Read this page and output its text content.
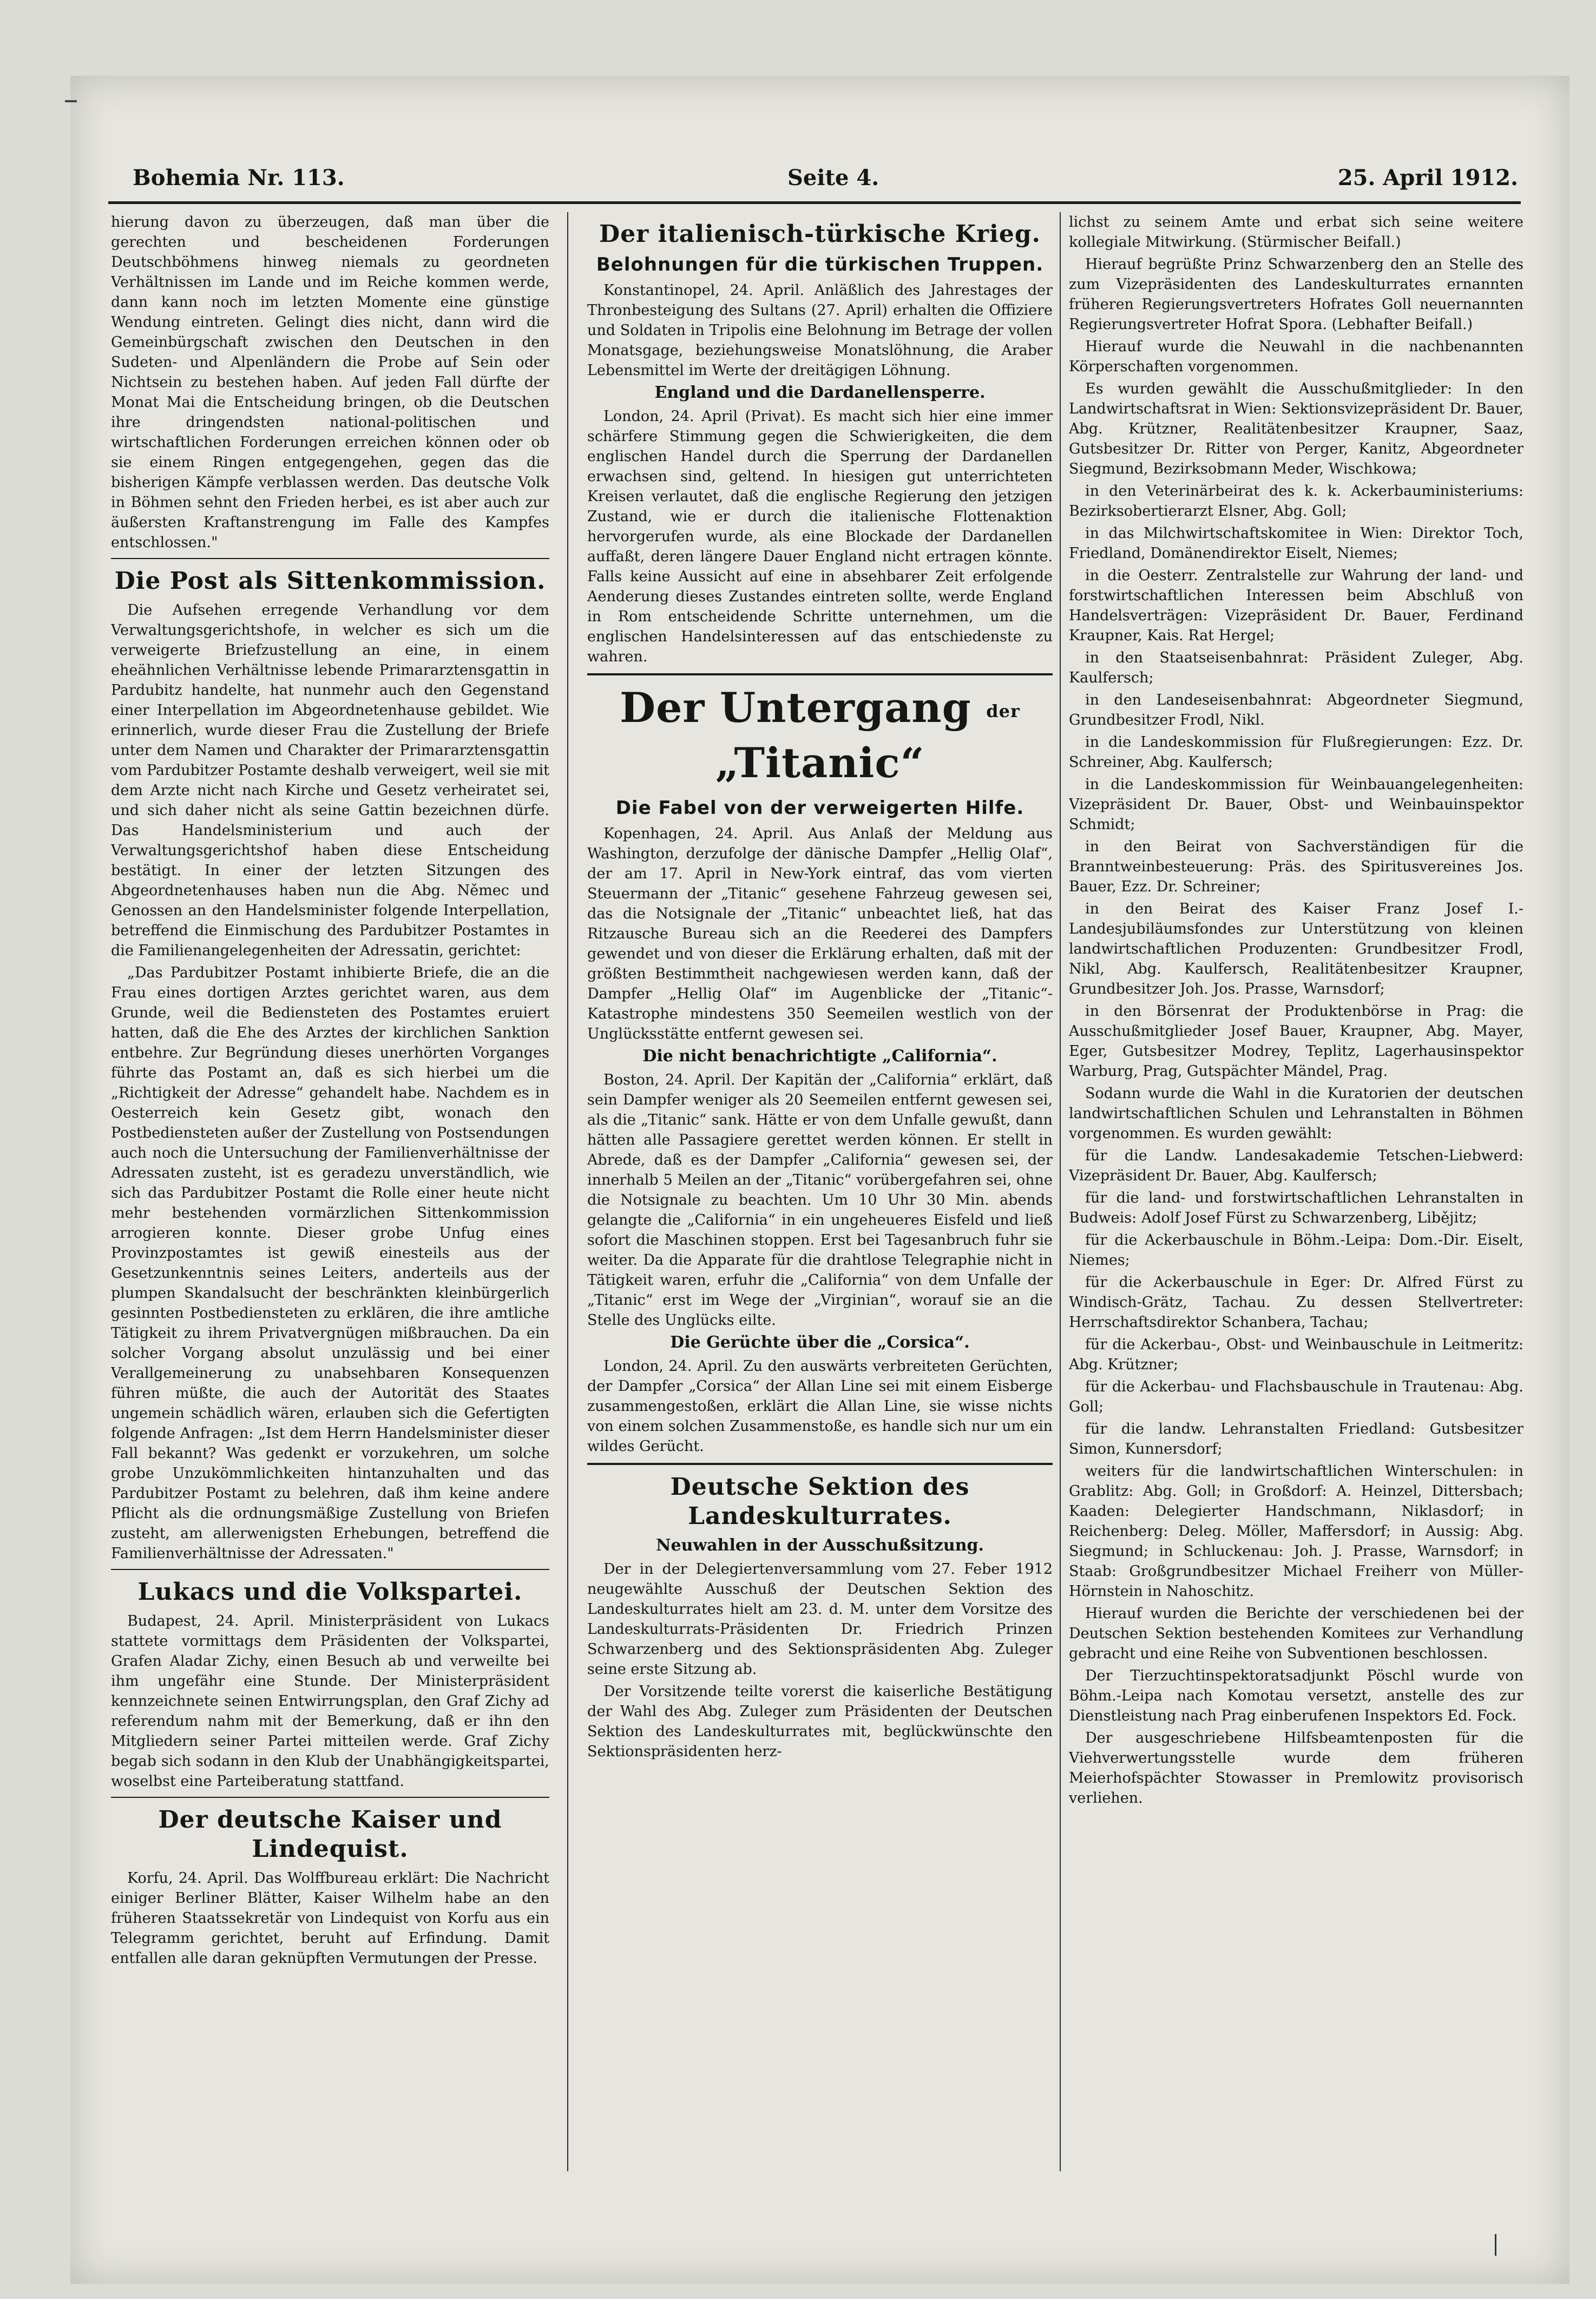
Bohemia Nr. 113.	Seite 4.	25. April 1912.

hierung davon zu überzeugen, daß man über die gerechten und bescheidenen Forderungen Deutschböhmens hinweg niemals zu geordneten Verhältnissen im Lande und im Reiche kommen werde, dann kann noch im letzten Momente eine günstige Wendung eintreten. Gelingt dies nicht, dann wird die Gemeinbürgschaft zwischen den Deutschen in den Sudeten- und Alpenländern die Probe auf Sein oder Nichtsein zu bestehen haben. Auf jeden Fall dürfte der Monat Mai die Entscheidung bringen, ob die Deutschen ihre dringendsten national-politischen und wirtschaftlichen Forderungen erreichen können oder ob sie einem Ringen entgegengehen, gegen das die bisherigen Kämpfe verblassen werden. Das deutsche Volk in Böhmen sehnt den Frieden herbei, es ist aber auch zur äußersten Kraftanstrengung im Falle des Kampfes entschlossen."

Die Post als Sittenkommission.

Die Aufsehen erregende Verhandlung vor dem Verwaltungsgerichtshofe, in welcher es sich um die verweigerte Briefzustellung an eine, in einem eheähnlichen Verhältnisse lebende Primararztensgattin in Pardubitz handelte, hat nunmehr auch den Gegenstand einer Interpellation im Abgeordnetenhause gebildet. Wie erinnerlich, wurde dieser Frau die Zustellung der Briefe unter dem Namen und Charakter der Primararztensgattin vom Pardubitzer Postamte deshalb verweigert, weil sie mit dem Arzte nicht nach Kirche und Gesetz verheiratet sei, und sich daher nicht als seine Gattin bezeichnen dürfe. Das Handelsministerium und auch der Verwaltungsgerichtshof haben diese Entscheidung bestätigt. In einer der letzten Sitzungen des Abgeordnetenhauses haben nun die Abg. Němec und Genossen an den Handelsminister folgende Interpellation, betreffend die Einmischung des Pardubitzer Postamtes in die Familienangelegenheiten der Adressatin, gerichtet:

„Das Pardubitzer Postamt inhibierte Briefe, die an die Frau eines dortigen Arztes gerichtet waren, aus dem Grunde, weil die Bediensteten des Postamtes eruiert hatten, daß die Ehe des Arztes der kirchlichen Sanktion entbehre. Zur Begründung dieses unerhörten Vorganges führte das Postamt an, daß es sich hierbei um die „Richtigkeit der Adresse“ gehandelt habe. Nachdem es in Oesterreich kein Gesetz gibt, wonach den Postbediensteten außer der Zustellung von Postsendungen auch noch die Untersuchung der Familienverhältnisse der Adressaten zusteht, ist es geradezu unverständlich, wie sich das Pardubitzer Postamt die Rolle einer heute nicht mehr bestehenden vormärzlichen Sittenkommission arrogieren konnte. Dieser grobe Unfug eines Provinzpostamtes ist gewiß einesteils aus der Gesetzunkenntnis seines Leiters, anderteils aus der plumpen Skandalsucht der beschränkten kleinbürgerlich gesinnten Postbediensteten zu erklären, die ihre amtliche Tätigkeit zu ihrem Privatvergnügen mißbrauchen. Da ein solcher Vorgang absolut unzulässig und bei einer Verallgemeinerung zu unabsehbaren Konsequenzen führen müßte, die auch der Autorität des Staates ungemein schädlich wären, erlauben sich die Gefertigten folgende Anfragen: „Ist dem Herrn Handelsminister dieser Fall bekannt? Was gedenkt er vorzukehren, um solche grobe Unzukömmlichkeiten hintanzuhalten und das Pardubitzer Postamt zu belehren, daß ihm keine andere Pflicht als die ordnungsmäßige Zustellung von Briefen zusteht, am allerwenigsten Erhebungen, betreffend die Familienverhältnisse der Adressaten."

Lukacs und die Volkspartei.

Budapest, 24. April. Ministerpräsident von Lukacs stattete vormittags dem Präsidenten der Volkspartei, Grafen Aladar Zichy, einen Besuch ab und verweilte bei ihm ungefähr eine Stunde. Der Ministerpräsident kennzeichnete seinen Entwirrungsplan, den Graf Zichy ad referendum nahm mit der Bemerkung, daß er ihn den Mitgliedern seiner Partei mitteilen werde. Graf Zichy begab sich sodann in den Klub der Unabhängigkeitspartei, woselbst eine Parteiberatung stattfand.

Der deutsche Kaiser und Lindequist.

Korfu, 24. April. Das Wolffbureau erklärt: Die Nachricht einiger Berliner Blätter, Kaiser Wilhelm habe an den früheren Staatssekretär von Lindequist von Korfu aus ein Telegramm gerichtet, beruht auf Erfindung. Damit entfallen alle daran geknüpften Vermutungen der Presse.

Der italienisch-türkische Krieg.
Belohnungen für die türkischen Truppen.

Konstantinopel, 24. April. Anläßlich des Jahrestages der Thronbesteigung des Sultans (27. April) erhalten die Offiziere und Soldaten in Tripolis eine Belohnung im Betrage der vollen Monatsgage, beziehungsweise Monatslöhnung, die Araber Lebensmittel im Werte der dreitägigen Löhnung.

England und die Dardanellensperre.

London, 24. April (Privat). Es macht sich hier eine immer schärfere Stimmung gegen die Schwierigkeiten, die dem englischen Handel durch die Sperrung der Dardanellen erwachsen sind, geltend. In hiesigen gut unterrichteten Kreisen verlautet, daß die englische Regierung den jetzigen Zustand, wie er durch die italienische Flottenaktion hervorgerufen wurde, als eine Blockade der Dardanellen auffaßt, deren längere Dauer England nicht ertragen könnte. Falls keine Aussicht auf eine in absehbarer Zeit erfolgende Aenderung dieses Zustandes eintreten sollte, werde England in Rom entscheidende Schritte unternehmen, um die englischen Handelsinteressen auf das entschiedenste zu wahren.

Der Untergang der „Titanic“
Die Fabel von der verweigerten Hilfe.

Kopenhagen, 24. April. Aus Anlaß der Meldung aus Washington, derzufolge der dänische Dampfer „Hellig Olaf“, der am 17. April in New-York eintraf, das vom vierten Steuermann der „Titanic“ gesehene Fahrzeug gewesen sei, das die Notsignale der „Titanic“ unbeachtet ließ, hat das Ritzausche Bureau sich an die Reederei des Dampfers gewendet und von dieser die Erklärung erhalten, daß mit der größten Bestimmtheit nachgewiesen werden kann, daß der Dampfer „Hellig Olaf“ im Augenblicke der „Titanic“-Katastrophe mindestens 350 Seemeilen westlich von der Unglücksstätte entfernt gewesen sei.

Die nicht benachrichtigte „California“.

Boston, 24. April. Der Kapitän der „California“ erklärt, daß sein Dampfer weniger als 20 Seemeilen entfernt gewesen sei, als die „Titanic“ sank. Hätte er von dem Unfalle gewußt, dann hätten alle Passagiere gerettet werden können. Er stellt in Abrede, daß es der Dampfer „California“ gewesen sei, der innerhalb 5 Meilen an der „Titanic“ vorübergefahren sei, ohne die Notsignale zu beachten. Um 10 Uhr 30 Min. abends gelangte die „California“ in ein ungeheueres Eisfeld und ließ sofort die Maschinen stoppen. Erst bei Tagesanbruch fuhr sie weiter. Da die Apparate für die drahtlose Telegraphie nicht in Tätigkeit waren, erfuhr die „California“ von dem Unfalle der „Titanic“ erst im Wege der „Virginian“, worauf sie an die Stelle des Unglücks eilte.

Die Gerüchte über die „Corsica“.

London, 24. April. Zu den auswärts verbreiteten Gerüchten, der Dampfer „Corsica“ der Allan Line sei mit einem Eisberge zusammengestoßen, erklärt die Allan Line, sie wisse nichts von einem solchen Zusammenstoße, es handle sich nur um ein wildes Gerücht.

Deutsche Sektion des Landeskulturrates.
Neuwahlen in der Ausschußsitzung.

Der in der Delegiertenversammlung vom 27. Feber 1912 neugewählte Ausschuß der Deutschen Sektion des Landeskulturrates hielt am 23. d. M. unter dem Vorsitze des Landeskulturrats-Präsidenten Dr. Friedrich Prinzen Schwarzenberg und des Sektionspräsidenten Abg. Zuleger seine erste Sitzung ab.

Der Vorsitzende teilte vorerst die kaiserliche Bestätigung der Wahl des Abg. Zuleger zum Präsidenten der Deutschen Sektion des Landeskulturrates mit, beglückwünschte den Sektionspräsidenten herz-

lichst zu seinem Amte und erbat sich seine weitere kollegiale Mitwirkung. (Stürmischer Beifall.)

Hierauf begrüßte Prinz Schwarzenberg den an Stelle des zum Vizepräsidenten des Landeskulturrates ernannten früheren Regierungsvertreters Hofrates Goll neuernannten Regierungsvertreter Hofrat Spora. (Lebhafter Beifall.)

Hierauf wurde die Neuwahl in die nachbenannten Körperschaften vorgenommen.

Es wurden gewählt die Ausschußmitglieder: In den Landwirtschaftsrat in Wien: Sektionsvizepräsident Dr. Bauer, Abg. Krützner, Realitätenbesitzer Kraupner, Saaz, Gutsbesitzer Dr. Ritter von Perger, Kanitz, Abgeordneter Siegmund, Bezirksobmann Meder, Wischkowa;

in den Veterinärbeirat des k. k. Ackerbauministeriums: Bezirksobertierarzt Elsner, Abg. Goll;

in das Milchwirtschaftskomitee in Wien: Direktor Toch, Friedland, Domänendirektor Eiselt, Niemes;

in die Oesterr. Zentralstelle zur Wahrung der land- und forstwirtschaftlichen Interessen beim Abschluß von Handelsverträgen: Vizepräsident Dr. Bauer, Ferdinand Kraupner, Kais. Rat Hergel;

in den Staatseisenbahnrat: Präsident Zuleger, Abg. Kaulfersch;

in den Landeseisenbahnrat: Abgeordneter Siegmund, Grundbesitzer Frodl, Nikl.

in die Landeskommission für Flußregierungen: Ezz. Dr. Schreiner, Abg. Kaulfersch;

in die Landeskommission für Weinbauangelegenheiten: Vizepräsident Dr. Bauer, Obst- und Weinbauinspektor Schmidt;

in den Beirat von Sachverständigen für die Branntweinbesteuerung: Präs. des Spiritusvereines Jos. Bauer, Ezz. Dr. Schreiner;

in den Beirat des Kaiser Franz Josef I.-Landesjubiläumsfondes zur Unterstützung von kleinen landwirtschaftlichen Produzenten: Grundbesitzer Frodl, Nikl, Abg. Kaulfersch, Realitätenbesitzer Kraupner, Grundbesitzer Joh. Jos. Prasse, Warnsdorf;

in den Börsenrat der Produktenbörse in Prag: die Ausschußmitglieder Josef Bauer, Kraupner, Abg. Mayer, Eger, Gutsbesitzer Modrey, Teplitz, Lagerhausinspektor Warburg, Prag, Gutspächter Mändel, Prag.

Sodann wurde die Wahl in die Kuratorien der deutschen landwirtschaftlichen Schulen und Lehranstalten in Böhmen vorgenommen. Es wurden gewählt:

für die Landw. Landesakademie Tetschen-Liebwerd: Vizepräsident Dr. Bauer, Abg. Kaulfersch;

für die land- und forstwirtschaftlichen Lehranstalten in Budweis: Adolf Josef Fürst zu Schwarzenberg, Libějitz;

für die Ackerbauschule in Böhm.-Leipa: Dom.-Dir. Eiselt, Niemes;

für die Ackerbauschule in Eger: Dr. Alfred Fürst zu Windisch-Grätz, Tachau. Zu dessen Stellvertreter: Herrschaftsdirektor Schanbera, Tachau;

für die Ackerbau-, Obst- und Weinbauschule in Leitmeritz: Abg. Krützner;

für die Ackerbau- und Flachsbauschule in Trautenau: Abg. Goll;

für die landw. Lehranstalten Friedland: Gutsbesitzer Simon, Kunnersdorf;

weiters für die landwirtschaftlichen Winterschulen: in Grablitz: Abg. Goll; in Großdorf: A. Heinzel, Dittersbach; Kaaden: Delegierter Handschmann, Niklasdorf; in Reichenberg: Deleg. Möller, Maffersdorf; in Aussig: Abg. Siegmund; in Schluckenau: Joh. J. Prasse, Warnsdorf; in Staab: Großgrundbesitzer Michael Freiherr von Müller-Hörnstein in Nahoschitz.

Hierauf wurden die Berichte der verschiedenen bei der Deutschen Sektion bestehenden Komitees zur Verhandlung gebracht und eine Reihe von Subventionen beschlossen.

Der Tierzuchtinspektoratsadjunkt Pöschl wurde von Böhm.-Leipa nach Komotau versetzt, anstelle des zur Dienstleistung nach Prag einberufenen Inspektors Ed. Fock.

Der ausgeschriebene Hilfsbeamtenposten für die Viehverwertungsstelle wurde dem früheren Meierhofspächter Stowasser in Premlowitz provisorisch verliehen.
